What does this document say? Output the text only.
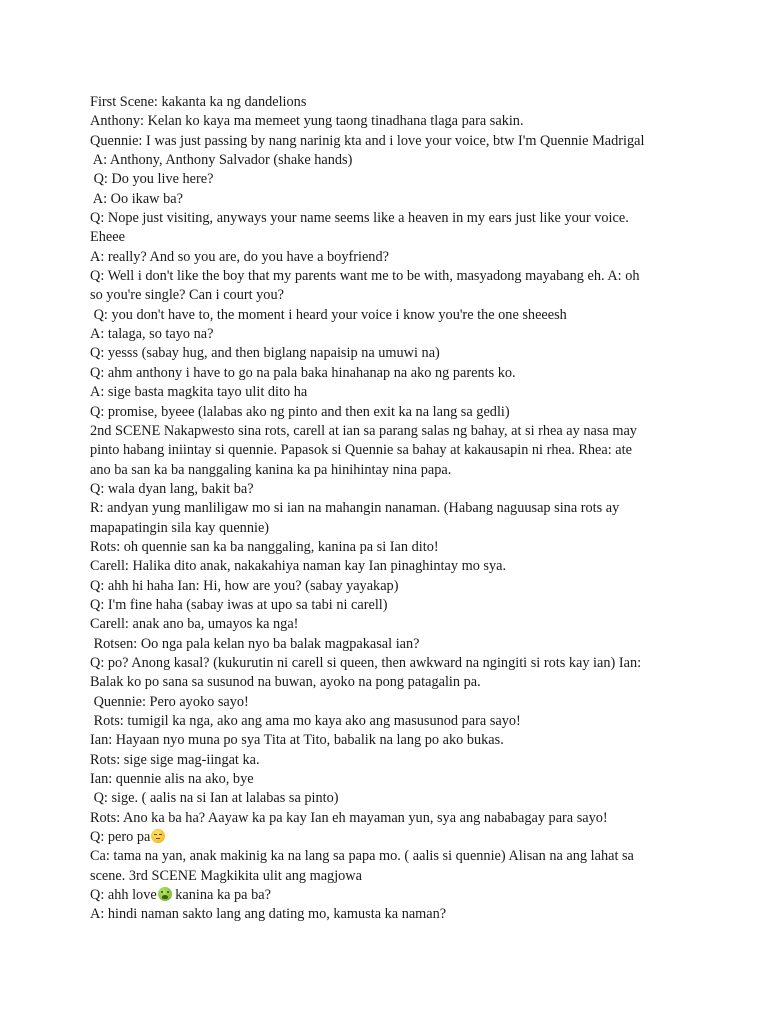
First Scene: kakanta ka ng dandelions
Anthony: Kelan ko kaya ma memeet yung taong tinadhana tlaga para sakin.
Quennie: I was just passing by nang narinig kta and i love your voice, btw I'm Quennie Madrigal
A: Anthony, Anthony Salvador (shake hands)
Q: Do you live here?
A: Oo ikaw ba?
Q: Nope just visiting, anyways your name seems like a heaven in my ears just like your voice.
Eheee
A: really? And so you are, do you have a boyfriend?
Q: Well i don't like the boy that my parents want me to be with, masyadong mayabang eh. A: oh
so you're single? Can i court you?
Q: you don't have to, the moment i heard your voice i know you're the one sheeesh
A: talaga, so tayo na?
Q: yesss (sabay hug, and then biglang napaisip na umuwi na)
Q: ahm anthony i have to go na pala baka hinahanap na ako ng parents ko.
A: sige basta magkita tayo ulit dito ha
Q: promise, byeee (lalabas ako ng pinto and then exit ka na lang sa gedli)
2nd SCENE Nakapwesto sina rots, carell at ian sa parang salas ng bahay, at si rhea ay nasa may
pinto habang iniintay si quennie. Papasok si Quennie sa bahay at kakausapin ni rhea. Rhea: ate
ano ba san ka ba nanggaling kanina ka pa hinihintay nina papa.
Q: wala dyan lang, bakit ba?
R: andyan yung manliligaw mo si ian na mahangin nanaman. (Habang naguusap sina rots ay
mapapatingin sila kay quennie)
Rots: oh quennie san ka ba nanggaling, kanina pa si Ian dito!
Carell: Halika dito anak, nakakahiya naman kay Ian pinaghintay mo sya.
Q: ahh hi haha Ian: Hi, how are you? (sabay yayakap)
Q: I'm fine haha (sabay iwas at upo sa tabi ni carell)
Carell: anak ano ba, umayos ka nga!
Rotsen: Oo nga pala kelan nyo ba balak magpakasal ian?
Q: po? Anong kasal? (kukurutin ni carell si queen, then awkward na ngingiti si rots kay ian) Ian:
Balak ko po sana sa susunod na buwan, ayoko na pong patagalin pa.
Quennie: Pero ayoko sayo!
Rots: tumigil ka nga, ako ang ama mo kaya ako ang masusunod para sayo!
Ian: Hayaan nyo muna po sya Tita at Tito, babalik na lang po ako bukas.
Rots: sige sige mag-iingat ka.
Ian: quennie alis na ako, bye
Q: sige. ( aalis na si Ian at lalabas sa pinto)
Rots: Ano ka ba ha? Aayaw ka pa kay Ian eh mayaman yun, sya ang nababagay para sayo!
Q: pero pa
Ca: tama na yan, anak makinig ka na lang sa papa mo. ( aalis si quennie) Alisan na ang lahat sa
scene. 3rd SCENE Magkikita ulit ang magjowa
Q: ahh love kanina ka pa ba?
A: hindi naman sakto lang ang dating mo, kamusta ka naman?
